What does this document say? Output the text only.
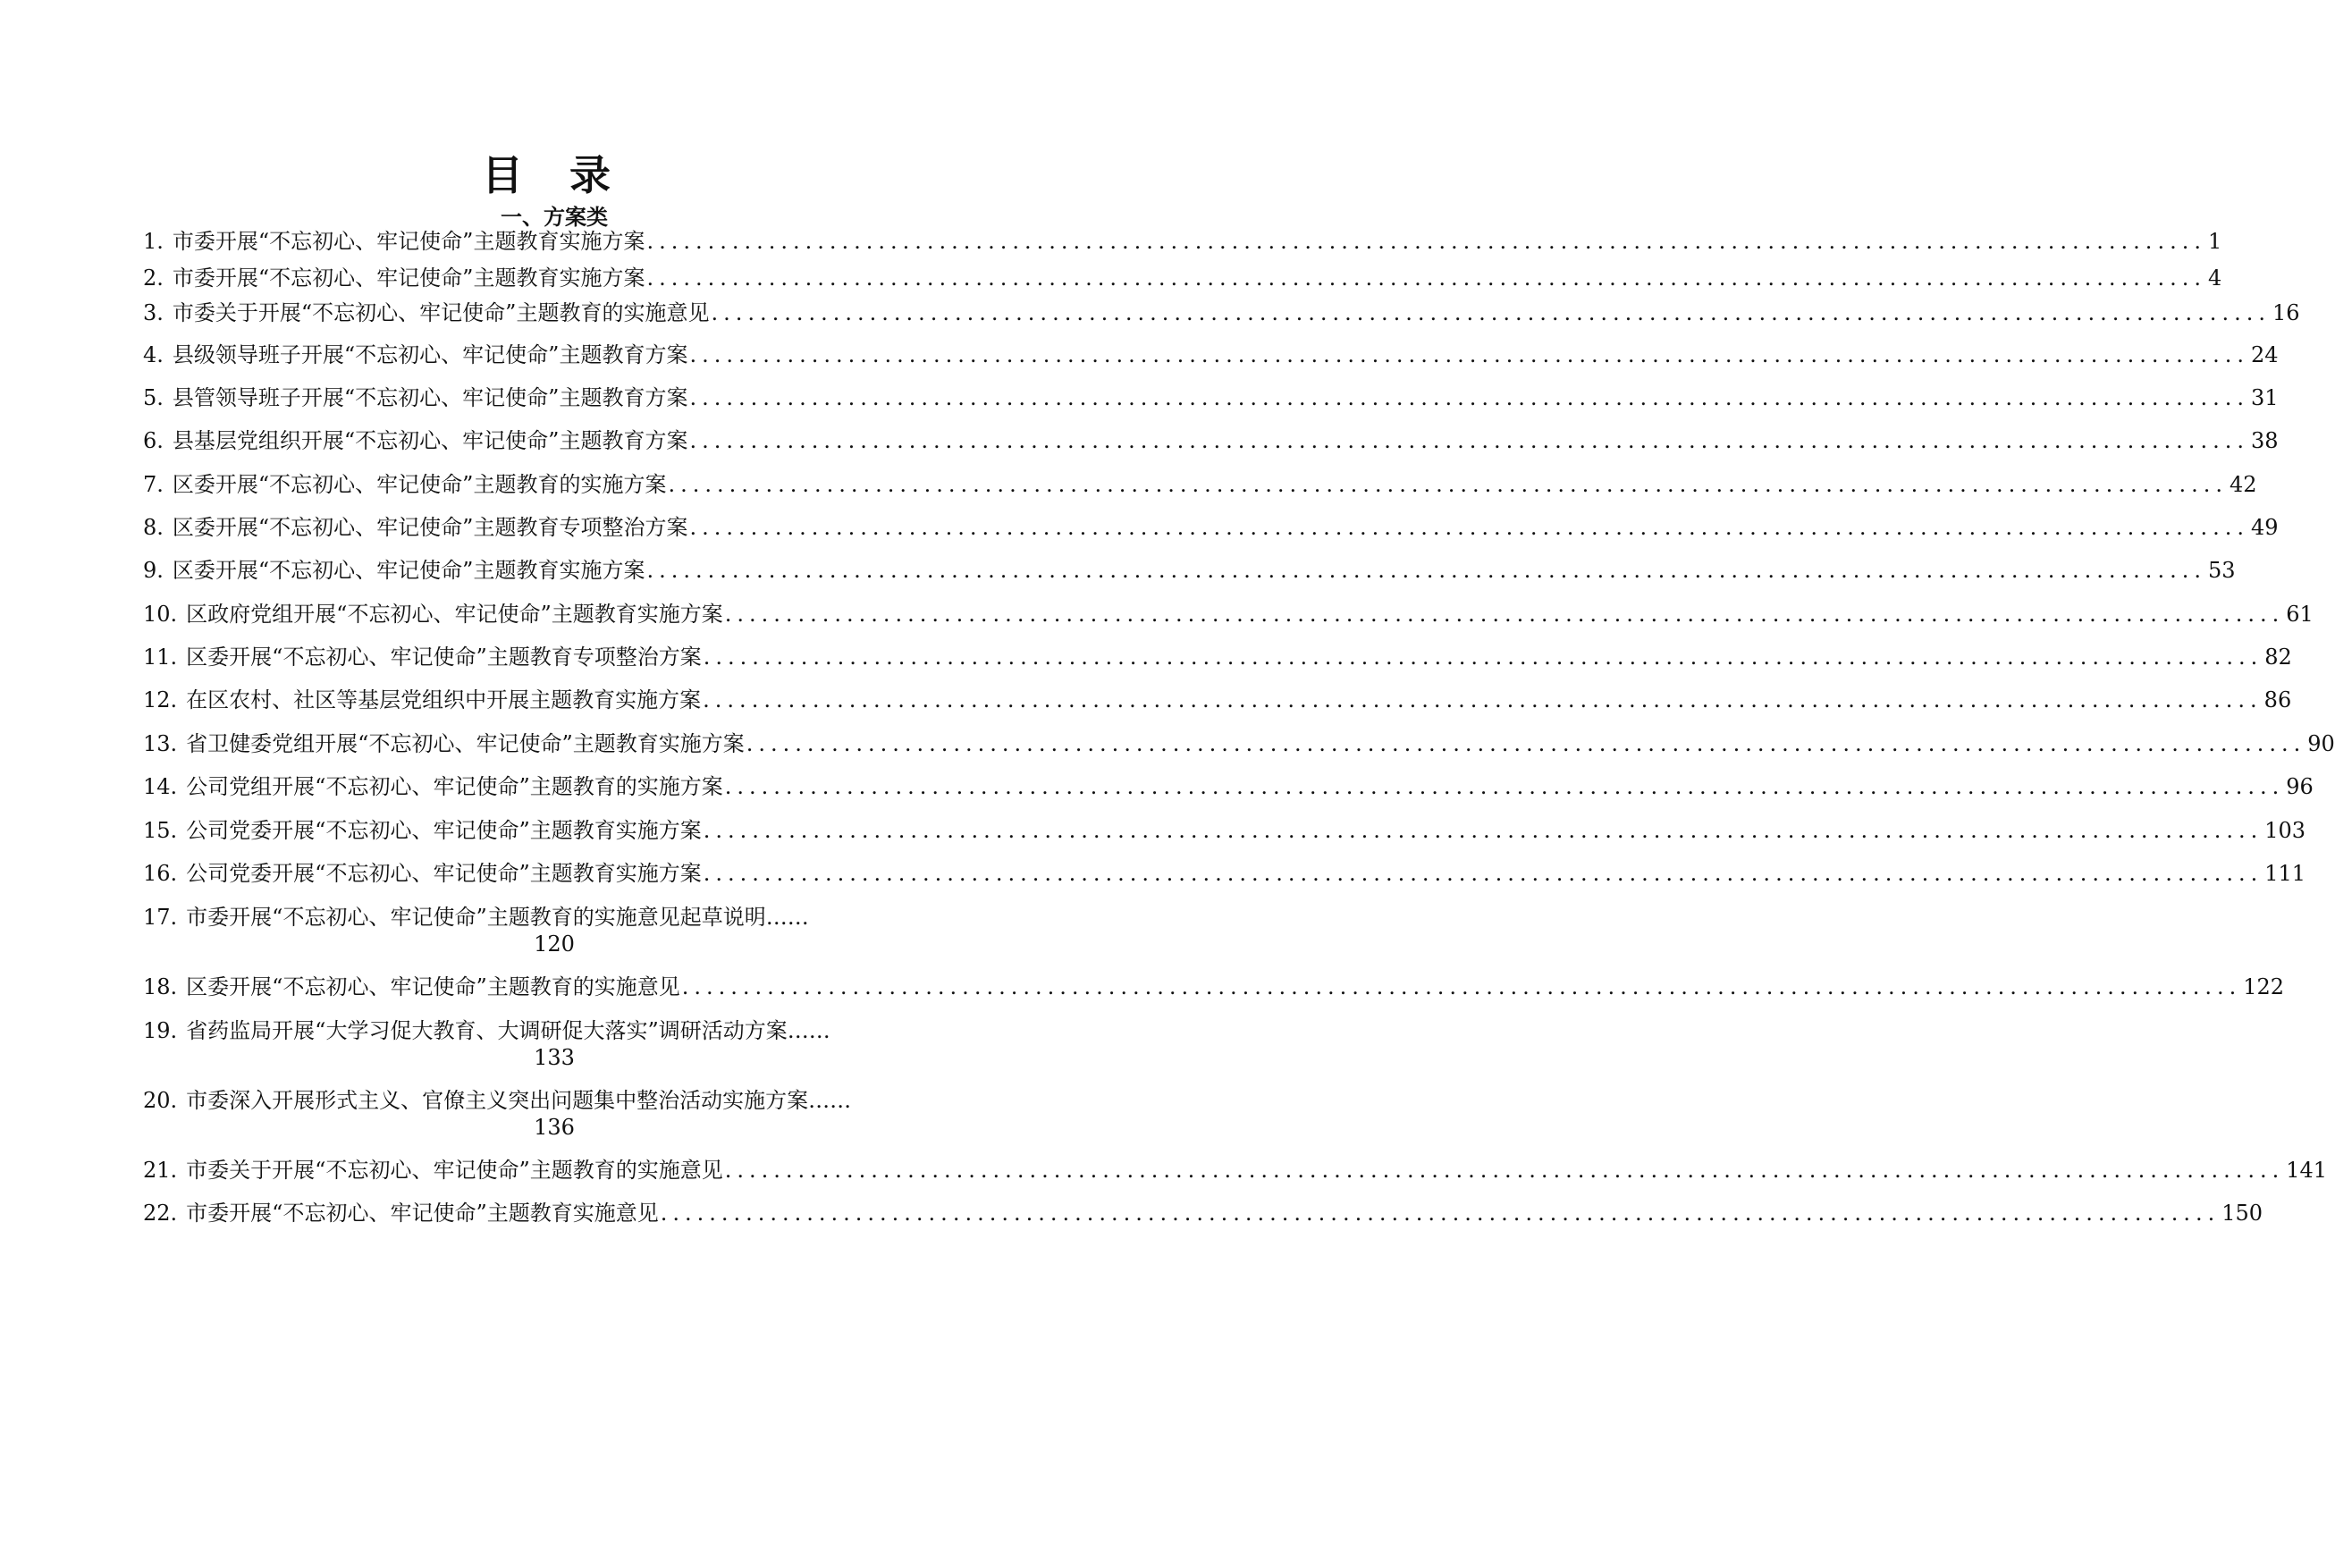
目 录
一、方案类
1. 市委开展“不忘初心、牢记使命”主题教育实施方案 .....	1
2. 市委开展“不忘初心、牢记使命”主题教育实施方案 .....	4
3. 市委关于开展“不忘初心、牢记使命”主题教育的实施意见 .....	16
4. 县级领导班子开展“不忘初心、牢记使命”主题教育方案 .....	24
5. 县管领导班子开展“不忘初心、牢记使命”主题教育方案 .....	31
6. 县基层党组织开展“不忘初心、牢记使命”主题教育方案 .....	38
7. 区委开展“不忘初心、牢记使命”主题教育的实施方案 .....	42
8. 区委开展“不忘初心、牢记使命”主题教育专项整治方案 .....	49
9. 区委开展“不忘初心、牢记使命”主题教育实施方案 .....	53
10. 区政府党组开展“不忘初心、牢记使命”主题教育实施方案 .....	61
11. 区委开展“不忘初心、牢记使命”主题教育专项整治方案 .....	82
12. 在区农村、社区等基层党组织中开展主题教育实施方案 .....	86
13. 省卫健委党组开展“不忘初心、牢记使命”主题教育实施方案 .....	90
14. 公司党组开展“不忘初心、牢记使命”主题教育的实施方案 .....	96
15. 公司党委开展“不忘初心、牢记使命”主题教育实施方案 .....	103
16. 公司党委开展“不忘初心、牢记使命”主题教育实施方案 .....	111
17. 市委开展“不忘初心、牢记使命”主题教育的实施意见起草说明 ……
120
18. 区委开展“不忘初心、牢记使命”主题教育的实施意见 .....	122
19. 省药监局开展“大学习促大教育、大调研促大落实”调研活动方案 ……
133
20. 市委深入开展形式主义、官僚主义突出问题集中整治活动实施方案 ……
136
21. 市委关于开展“不忘初心、牢记使命”主题教育的实施意见 .....	141
22. 市委开展“不忘初心、牢记使命”主题教育实施意见 .....	150
